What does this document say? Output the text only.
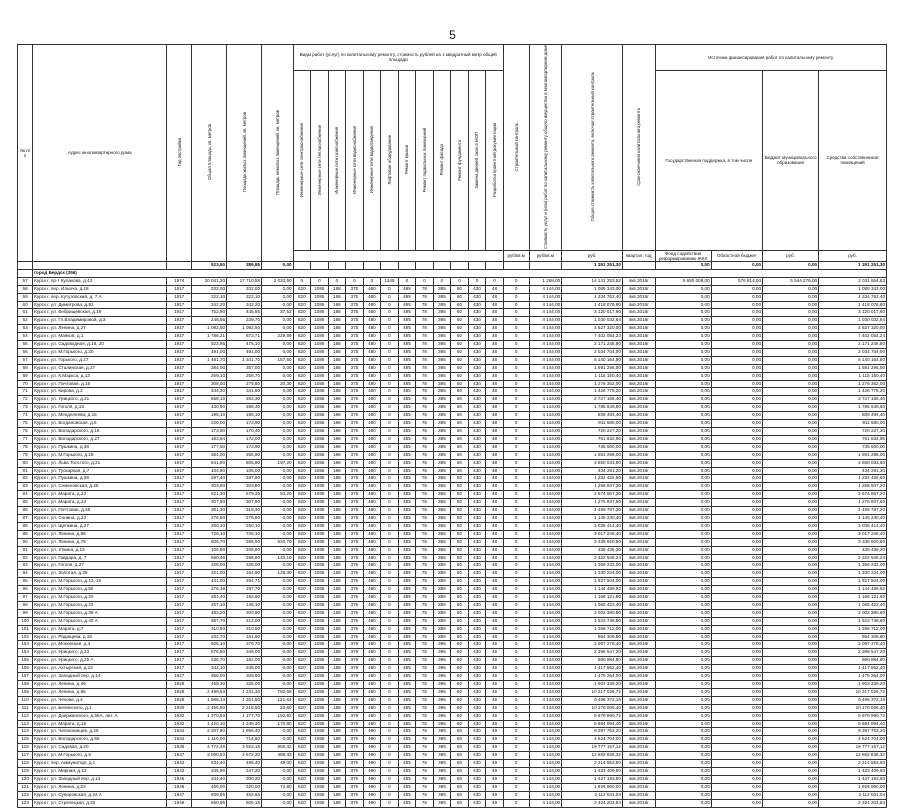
5
№ п/п	Адрес многоквартирного дома	Год постройки	Общая площадь, кв. метров	Площадь жилых помещений, кв. метров	Площадь нежилых помещений, кв. метров	Виды работ (услуг) по капитальному ремонту, стоимость рублей на 1 квадратный метр общей площади												Строительный контроль	Стоимость услуг и (или) работ по капитальному ремонту общего имущества в многоквартирном доме	Общая стоимость капитального ремонта, включая строительный контроль	Срок окончания капитального ремонта	Источник финансирования работ по капитальному ремонту			

						Инженерные сети электроснабжения	Инженерные сети теплоснабжения	Инженерные сети газоснабжения	Инженерные сети водоснабжения	Инженерные сети водоотведения	Лифтовое оборудование	Ремонт крыши	Ремонт подвальных помещений	Ремонт фасада	Ремонт фундамента	Замена дверей, окон в МОП	Разработка проектной документации					Государственная поддержка, в том числе		Бюджет муниципального образования	Средства собственников помещений

																		руб/кв.м	руб/кв.м	руб.	квартал, год	Фонд содействия реформированию ЖКХ	Областной бюджет	руб.	руб.
			523,50	389,86	0,00															1 391 251,30		0,00	0,00	0,00	1 391 251,30
	город Бердск (356)																								
57	Курск г, пр-т Кулакова, д.43	1974	20 041,30	17 710,58	2 033,50	0	0	0	0	0	1345	0	0	0	0	0	0	0	1 268,00	14 141 253,52	4кв.2016г	5 650 008,00	576 814,00	5 544 278,00	2 031 664,83
58	Курск г, пер. Ильича, д.18	1917	332,00	332,00	0,00	620	1085	188	375	480	0	485	78	395	60	430	48	0	4 144,00	1 089 343,00	4кв.2016г	0,00	0,00	0,00	1 089 343,00
59	Курск г, пер. Кутузовский, д. 7 А	1917	322,10	322,10	0,00	620	1085	188	375	480	0	485	78	395	60	430	48	0	4 144,00	1 334 762,40	4кв.2016г	0,00	0,00	0,00	1 334 762,40
60	Курск г, ул. Димитрова, д.92	1917	342,20	342,20	0,00	620	1085	188	375	480	0	485	78	395	60	430	48	0	4 144,00	1 418 076,80	4кв.2016г	0,00	0,00	0,00	1 418 076,80
61	Курск г, ул. Бебрищевская, д.16	1917	752,90	445,86	37,52	620	1085	188	375	480	0	485	78	395	60	430	48	0	4 144,00	3 120 017,60	4кв.2016г	0,00	0,00	0,00	3 120 017,60
62	Курск г, ул. Гл.Владимировой, д.3	1917	248,56	239,70	0,00	620	1085	188	375	480	0	485	78	395	60	430	48	0	4 144,00	1 030 032,64	4кв.2016г	0,00	0,00	0,00	1 030 032,64
63	Курск г, ул. Ленина, д.27	1917	1 092,50	1 092,50	0,00	620	1085	188	375	480	0	485	78	395	60	430	48	0	4 144,00	4 527 320,00	4кв.2016г	0,00	0,00	0,00	4 527 320,00
64	Курск г, ул. Маяков, д.1	1917	1 786,21	872,71	229,89	620	1085	188	375	480	0	485	78	395	60	430	48	0	4 144,00	7 402 054,24	4кв.2016г	0,00	0,00	0,00	7 402 054,24
65	Курск г, ул. Садоводная, д.18, 20	1917	523,95	475,10	0,00	620	1085	188	375	480	0	485	78	395	60	430	48	0	4 144,00	2 171 248,80	4кв.2016г	0,00	0,00	0,00	2 171 248,80
66	Курск г, ул. М.Горького, д.20	1917	491,00	491,00	0,00	620	1085	188	375	480	0	485	78	395	60	430	48	0	4 144,00	2 034 704,00	4кв.2016г	0,00	0,00	0,00	2 034 704,00
67	Курск г, ул. Горького, д.27	1917	1 481,70	1 341,70	157,50	620	1085	188	375	480	0	485	78	395	60	430	48	0	4 144,00	6 140 164,80	4кв.2016г	0,00	0,00	0,00	6 140 164,80
68	Курск г, ул. Сталинская, д.27	1917	384,00	357,00	0,00	620	1085	188	375	480	0	485	78	395	60	430	48	0	4 144,00	1 591 296,00	4кв.2016г	0,00	0,00	0,00	1 591 296,00
69	Курск г, ул. К.Маркса, д.13	1917	269,10	258,70	0,00	620	1085	188	375	480	0	485	78	395	60	430	48	0	4 144,00	1 115 150,40	4кв.2016г	0,00	0,00	0,00	1 115 150,40
70	Курск г, ул. Почтовая, д.16	1917	308,00	275,80	20,30	620	1085	188	375	480	0	485	78	395	60	430	48	0	4 144,00	1 276 352,00	4кв.2016г	0,00	0,00	0,00	1 276 352,00
71	Курск г, ул. Кирова, д.2	1917	344,30	341,50	0,00	620	1085	188	375	480	0	485	78	395	60	430	48	0	4 144,00	1 426 779,20	4кв.2016г	0,00	0,00	0,00	1 426 779,20
72	Курск г, ул. Урицкого, д.31	1917	658,10	282,30	0,00	620	1085	188	375	480	0	485	78	395	60	430	48	0	4 144,00	2 727 166,40	4кв.2016г	0,00	0,00	0,00	2 727 166,40
73	Курск г, ул. Гоголя, д.18	1917	430,90	286,40	0,00	620	1085	188	375	480	0	485	78	395	60	430	48	0	4 144,00	1 785 649,60	4кв.2016г	0,00	0,00	0,00	1 785 649,60
74	Курск г, ул. Менделеева, д.15	1917	195,10	195,10	0,00	620	1085	188	375	480	0	485	78	395	60	430	48	0	4 144,00	808 494,40	4кв.2016г	0,00	0,00	0,00	808 494,40
75	Курск г, ул. Богдановская, д.5	1917	220,00	173,50	0,00	620	1085	188	375	480	0	485	78	395	60	430	48	0	4 144,00	911 680,00	4кв.2016г	0,00	0,00	0,00	911 680,00
76	Курск г, ул. Володарского, д.16	1917	173,80	170,40	0,00	620	1085	188	375	480	0	485	78	395	60	430	48	0	4 144,00	720 227,20	4кв.2016г	0,00	0,00	0,00	720 227,20
77	Курск г, ул. Володарского, д.27	1917	183,84	172,00	0,00	620	1085	188	375	480	0	485	78	395	60	430	48	0	4 144,00	761 832,96	4кв.2016г	0,00	0,00	0,00	761 832,96
78	Курск г, ул. Пушкина, д.48	1917	177,50	173,50	0,00	620	1085	188	375	480	0	485	78	395	60	430	48	0	4 144,00	735 560,00	4кв.2016г	0,00	0,00	0,00	735 560,00
79	Курск г, ул. М.Горького, д.19	1917	384,00	256,80	0,00	620	1085	188	375	480	0	485	78	395	60	430	48	0	4 144,00	1 591 296,00	4кв.2016г	0,00	0,00	0,00	1 591 296,00
80	Курск г, ул. Льва Толстого, д.21	1917	641,90	605,80	197,20	620	1085	188	375	480	0	485	78	395	60	430	48	0	4 144,00	2 660 033,60	4кв.2016г	0,00	0,00	0,00	2 660 033,60
81	Курск г, ул. Тускарная, д.7	1917	104,80	105,00	0,00	620	1085	188	375	480	0	485	78	395	60	430	48	0	4 144,00	434 291,20	4кв.2016г	0,00	0,00	0,00	434 291,20
82	Курск г, ул. Пушкина, д.38	1917	297,40	187,90	0,00	620	1085	188	375	480	0	485	78	395	60	430	48	0	4 144,00	1 232 425,60	4кв.2016г	0,00	0,00	0,00	1 232 425,60
83	Курск г, ул. Семеновская, д.25	1917	303,80	303,80	0,00	620	1085	188	375	480	0	485	78	395	60	430	48	0	4 144,00	1 258 947,20	4кв.2016г	0,00	0,00	0,00	1 258 947,20
84	Курск г, ул. Марата, д.23	1917	621,30	579,35	53,20	620	1085	188	375	480	0	485	78	395	60	430	48	0	4 144,00	2 574 667,20	4кв.2016г	0,00	0,00	0,00	2 574 667,20
85	Курск г, ул. Марата, д.24	1917	307,90	307,90	0,00	620	1085	188	375	480	0	485	78	395	60	430	48	0	4 144,00	1 275 937,60	4кв.2016г	0,00	0,00	0,00	1 275 937,60
86	Курск г, ул. Почтовая, д.35	1917	351,30	315,30	0,00	620	1085	188	375	480	0	485	78	395	60	430	48	0	4 144,00	1 455 787,20	4кв.2016г	0,00	0,00	0,00	1 455 787,20
87	Курск г, ул. Сонина, д.23	1917	276,60	276,60	0,00	620	1085	188	375	480	0	485	78	395	60	430	48	0	4 144,00	1 146 230,40	4кв.2016г	0,00	0,00	0,00	1 146 230,40
88	Курск г, ул. Щепкина, д.27	1917	250,10	250,10	0,00	620	1085	188	375	480	0	485	78	395	60	430	48	0	4 144,00	1 036 414,40	4кв.2016г	0,00	0,00	0,00	1 036 414,40
89	Курск г, ул. Ленина, д.66	1917	728,10	728,10	0,00	620	1085	188	375	480	0	485	78	395	60	430	48	0	4 144,00	3 017 246,40	4кв.2016г	0,00	0,00	0,00	3 017 246,40
90	Курск г, ул. Ленина, д.78	1917	805,70	286,50	520,70	620	1085	188	375	480	0	485	78	395	60	430	48	0	4 144,00	3 338 820,80	4кв.2016г	0,00	0,00	0,00	3 338 820,80
91	Курск г, ул. Уткина, д.15	1917	105,80	105,80	0,00	620	1085	188	375	480	0	485	78	395	60	430	48	0	4 144,00	438 435,20	4кв.2016г	0,00	0,00	0,00	438 435,20
92	Курск г, ул. Гайдара, д. 7	1917	560,46	298,80	140,10	620	1085	188	375	480	0	485	78	395	60	430	48	0	4 144,00	2 322 546,24	4кв.2016г	0,00	0,00	0,00	2 322 546,24
93	Курск г, ул. Гоголя, д.27	1917	328,00	328,00	0,00	620	1085	188	375	480	0	485	78	395	60	430	48	0	4 144,00	1 359 232,00	4кв.2016г	0,00	0,00	0,00	1 359 232,00
94	Курск г, ул. Золотая, д.29	1917	321,00	164,80	128,30	620	1085	188	375	480	0	485	78	395	60	430	48	0	4 144,00	1 330 224,00	4кв.2016г	0,00	0,00	0,00	1 330 224,00
95	Курск г, ул. М.Горького, д.13, 16	1917	441,00	294,71	0,00	620	1085	188	375	480	0	485	78	395	60	430	48	0	4 144,00	1 827 504,00	4кв.2016г	0,00	0,00	0,00	1 827 504,00
96	Курск г, ул. М.Горького, д.50	1917	276,18	197,70	0,00	620	1085	188	375	480	0	485	78	395	60	430	48	0	4 144,00	1 144 489,92	4кв.2016г	0,00	0,00	0,00	1 144 489,92
97	Курск г, ул. М.Горького, д.20	1917	281,40	192,60	0,00	620	1085	188	375	480	0	485	78	395	60	430	48	0	4 144,00	1 166 121,60	4кв.2016г	0,00	0,00	0,00	1 166 121,60
98	Курск г, ул. М.Горького, д.23	1917	257,10	145,10	0,00	620	1085	188	375	480	0	485	78	395	60	430	48	0	4 144,00	1 065 422,40	4кв.2016г	0,00	0,00	0,00	1 065 422,40
99	Курск г, ул. М.Горького, д.38 А	1917	483,20	300,80	0,00	620	1085	188	375	480	0	485	78	395	60	430	48	0	4 144,00	2 002 380,80	4кв.2016г	0,00	0,00	0,00	2 002 380,80
100	Курск г, ул. М.Горького, д.40 А	1917	367,70	212,00	0,00	620	1085	188	375	480	0	485	78	395	60	430	48	0	4 144,00	1 523 748,80	4кв.2016г	0,00	0,00	0,00	1 523 748,80
101	Курск г, ул. Марата, д.7	1917	310,50	310,50	0,00	620	1085	188	375	480	0	485	78	395	60	430	48	0	4 144,00	1 286 712,00	4кв.2016г	0,00	0,00	0,00	1 286 712,00
102	Курск г, ул. Радищева, д.16	1917	232,70	151,60	0,00	620	1085	188	375	480	0	485	78	395	60	430	48	0	4 144,00	964 308,80	4кв.2016г	0,00	0,00	0,00	964 308,80
103	Курск г, ул. Моковская, д.4	1917	506,10	376,70	0,00	620	1085	188	375	480	0	485	78	395	60	430	48	0	4 144,00	2 097 278,40	4кв.2016г	0,00	0,00	0,00	2 097 278,40
104	Курск г, ул. Урицкого, д.23	1917	578,80	349,00	0,00	620	1085	188	375	480	0	485	78	395	60	430	48	0	4 144,00	2 398 547,20	4кв.2016г	0,00	0,00	0,00	2 398 547,20
105	Курск г, ул. Урицкого, д.25 А	1917	236,70	162,00	0,00	620	1085	188	375	480	0	485	78	395	60	430	48	0	4 144,00	980 884,80	4кв.2016г	0,00	0,00	0,00	980 884,80
106	Курск г, ул. Ахтырская, д.23	1917	342,10	245,00	0,00	620	1085	188	375	480	0	485	78	395	60	430	48	0	4 144,00	1 417 662,40	4кв.2016г	0,00	0,00	0,00	1 417 662,40
107	Курск г, ул. Западный пер, д.14	1927	356,00	308,90	0,00	620	1085	188	375	480	0	485	78	395	60	430	48	0	4 144,00	1 475 264,00	4кв.2016г	0,00	0,00	0,00	1 475 264,00
108	Курск г, ул. Ленина, д.49	1928	459,30	325,00	0,00	620	1085	188	375	480	0	485	78	395	60	430	48	0	4 144,00	1 903 339,20	4кв.2016г	0,00	0,00	0,00	1 903 339,20
109	Курск г, ул. Ленина, д.85	1928	2 489,63	1 241,30	782,66	620	1085	188	375	480	0	485	78	395	60	430	48	0	4 144,00	10 317 026,72	4кв.2016г	0,00	0,00	0,00	10 317 026,72
110	Курск г, ул. Чехова, д.4	1928	1 568,14	1 201,50	121,64	620	1085	188	375	480	0	485	78	395	60	430	48	0	4 144,00	6 498 372,16	4кв.2016г	0,00	0,00	0,00	6 498 372,16
111	Курск г, ул. Белинского, д.1	1930	2 455,60	2 215,50	33,60	620	1085	188	375	480	0	485	78	395	60	430	48	0	4 144,00	10 176 006,40	4кв.2016г	0,00	0,00	0,00	10 176 006,40
112	Курск г, ул. Дзержинского, д.56А, лит. А	1932	1 370,63	1 177,70	192,93	620	1085	188	375	480	0	485	78	395	60	430	48	0	4 144,00	5 679 890,72	4кв.2016г	0,00	0,00	0,00	5 679 890,72
113	Курск г, ул. Марата, д.18	1932	1 420,10	1 249,30	170,80	620	1085	188	375	480	0	485	78	395	60	430	48	0	4 144,00	5 884 894,40	4кв.2016г	0,00	0,00	0,00	5 884 894,40
114	Курск г, ул. Челюскинцев, д.25	1934	2 267,80	1 956,40	0,00	620	1085	188	375	480	0	485	78	395	60	430	48	0	4 144,00	9 397 763,20	4кв.2016г	0,00	0,00	0,00	9 397 763,20
115	Курск г, ул. Володарского, д.55	1934	1 116,00	714,60	0,00	620	1085	188	375	480	0	485	78	395	60	430	48	0	4 144,00	4 624 704,00	4кв.2016г	0,00	0,00	0,00	4 624 704,00
116	Курск г, ул. Садовая, д.20	1936	4 772,48	3 922,16	850,32	620	1085	188	375	480	0	485	78	395	60	430	48	0	4 144,00	19 777 157,12	4кв.2016г	0,00	0,00	0,00	19 777 157,12
117	Курск г, ул. М.Горького, д.8	1937	3 060,53	2 572,20	488,33	620	1085	188	375	480	0	485	78	395	60	430	48	0	4 144,00	12 682 836,32	4кв.2016г	0,00	0,00	0,00	12 682 836,32
118	Курск г, пер. Аммуниторг, д.1	1942	534,40	485,40	49,00	620	1085	188	375	480	0	485	78	395	60	430	48	0	4 144,00	2 214 553,60	4кв.2016г	0,00	0,00	0,00	2 214 553,60
119	Курск г, ул. Мирная, д.13	1943	345,90	247,20	0,00	620	1085	188	375	480	0	485	78	395	60	430	48	0	4 144,00	1 433 409,60	4кв.2016г	0,00	0,00	0,00	1 433 409,60
120	Курск г, ул. Западный пер, д.14	1945	344,40	300,20	0,00	620	1085	188	375	480	0	485	78	395	60	430	48	0	4 144,00	1 427 193,60	4кв.2016г	0,00	0,00	0,00	1 427 193,60
121	Курск г, ул. Ленина, д.22	1946	465,00	320,00	72,80	620	1085	188	375	480	0	485	78	395	60	430	48	0	4 144,00	1 926 960,00	4кв.2016г	0,00	0,00	0,00	1 926 960,00
122	Курск г, ул. Суворовская, д.24 А	1947	509,66	452,66	0,00	620	1085	188	375	480	0	485	78	395	60	430	48	0	4 144,00	2 112 031,04	4кв.2016г	0,00	0,00	0,00	2 112 031,04
123	Курск г, ул. Стрелецкая, д.33	1948	560,86	505,16	0,00	620	1085	188	375	480	0	485	78	395	60	430	48	0	4 144,00	2 324 203,84	4кв.2016г	0,00	0,00	0,00	2 324 203,84
